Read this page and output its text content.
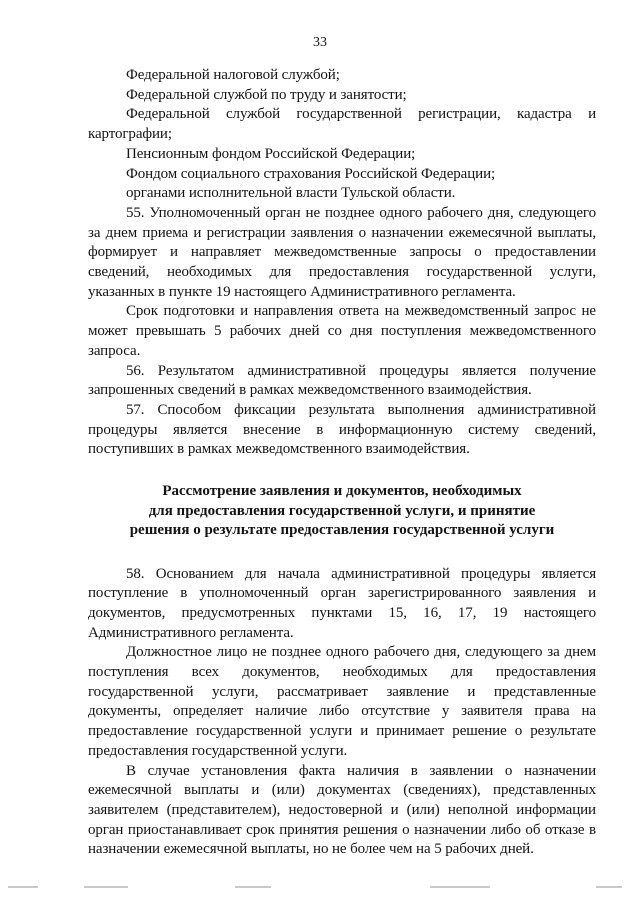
33

Федеральной налоговой службой;

Федеральной службой по труду и занятости;

Федеральной службой государственной регистрации, кадастра и картографии;

Пенсионным фондом Российской Федерации;

Фондом социального страхования Российской Федерации;

органами исполнительной власти Тульской области.

55. Уполномоченный орган не позднее одного рабочего дня, следующего за днем приема и регистрации заявления о назначении ежемесячной выплаты, формирует и направляет межведомственные запросы о предоставлении сведений, необходимых для предоставления государственной услуги, указанных в пункте 19 настоящего Административного регламента.

Срок подготовки и направления ответа на межведомственный запрос не может превышать 5 рабочих дней со дня поступления межведомственного запроса.

56. Результатом административной процедуры является получение запрошенных сведений в рамках межведомственного взаимодействия.

57. Способом фиксации результата выполнения административной процедуры является внесение в информационную систему сведений, поступивших в рамках межведомственного взаимодействия.

Рассмотрение заявления и документов, необходимых
для предоставления государственной услуги, и принятие
решения о результате предоставления государственной услуги

58. Основанием для начала административной процедуры является поступление в уполномоченный орган зарегистрированного заявления и документов, предусмотренных пунктами 15, 16, 17, 19 настоящего Административного регламента.

Должностное лицо не позднее одного рабочего дня, следующего за днем поступления всех документов, необходимых для предоставления государственной услуги, рассматривает заявление и представленные документы, определяет наличие либо отсутствие у заявителя права на предоставление государственной услуги и принимает решение о результате предоставления государственной услуги.

В случае установления факта наличия в заявлении о назначении ежемесячной выплаты и (или) документах (сведениях), представленных заявителем (представителем), недостоверной и (или) неполной информации орган приостанавливает срок принятия решения о назначении либо об отказе в назначении ежемесячной выплаты, но не более чем на 5 рабочих дней.
